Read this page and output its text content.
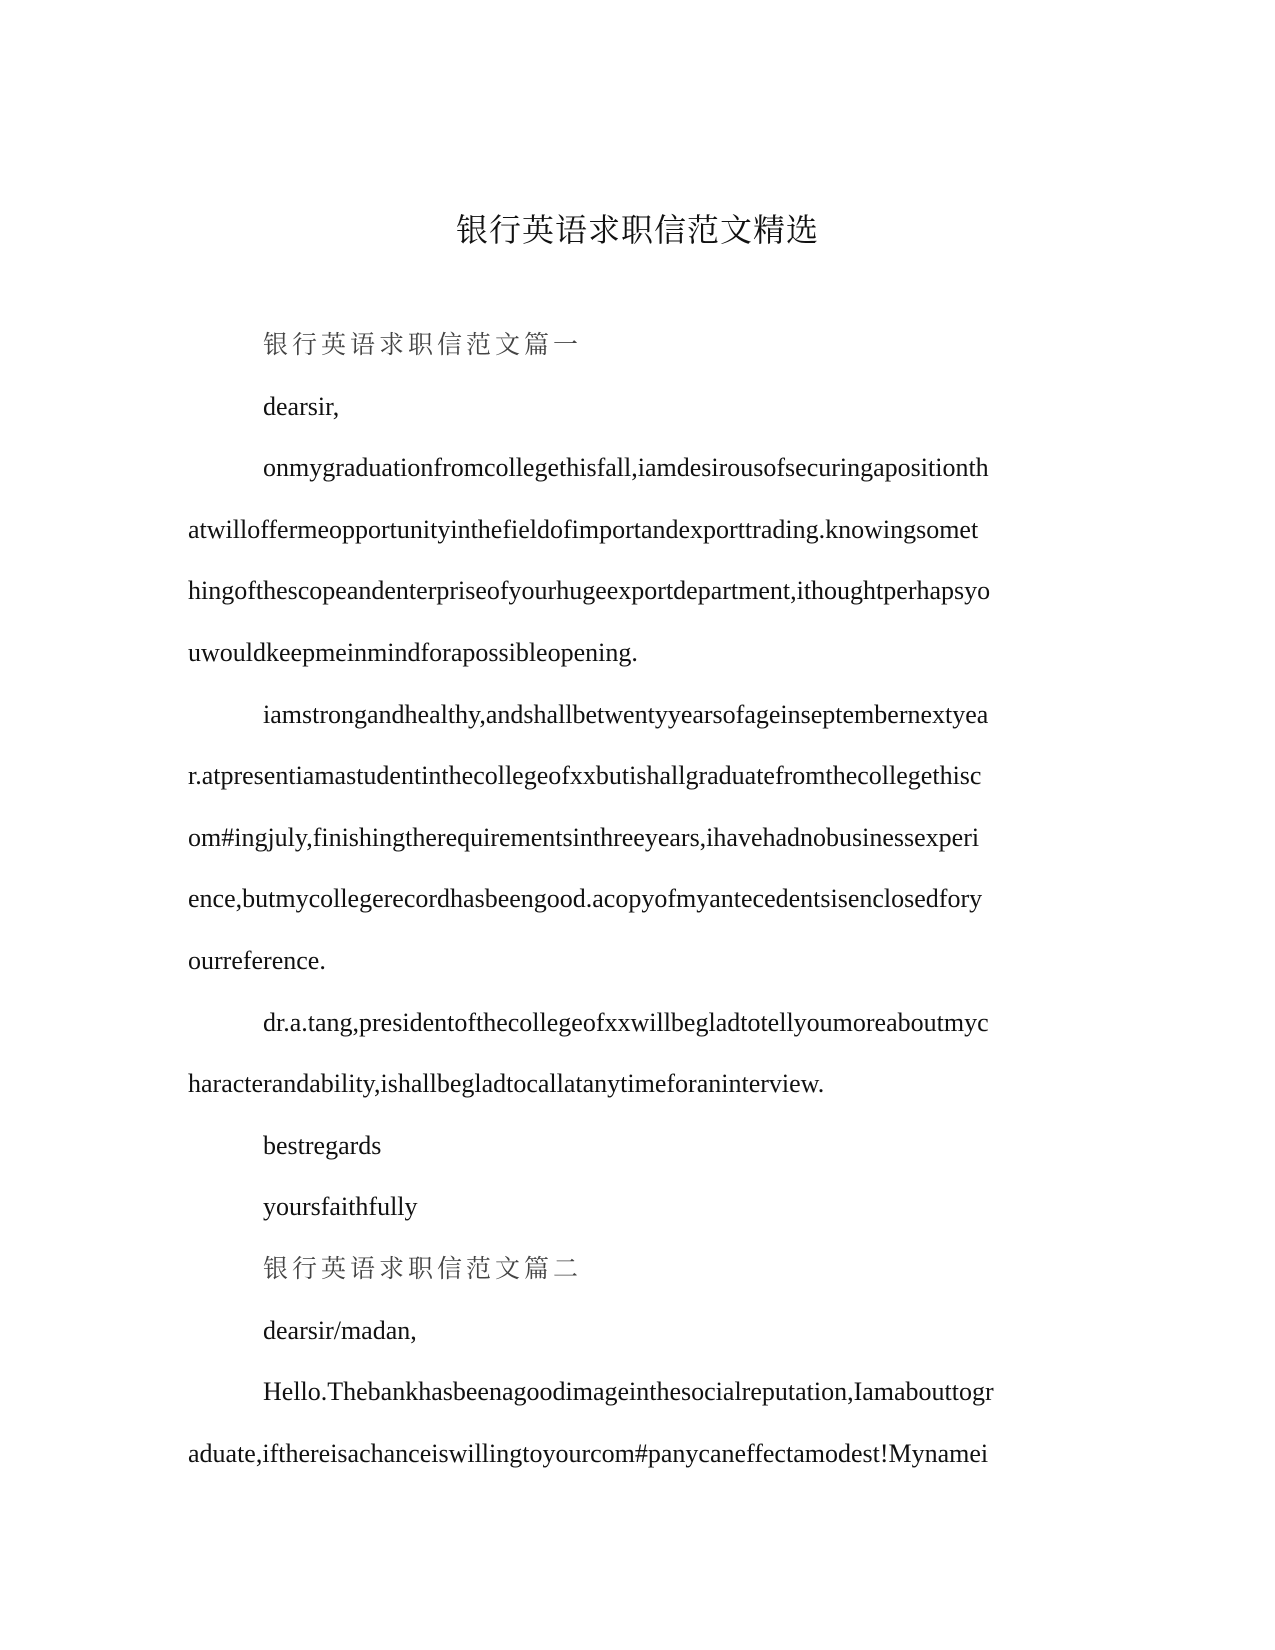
银行英语求职信范文精选
银行英语求职信范文篇一
dearsir,
onmygraduationfromcollegethisfall,iamdesirousofsecuringapositionth
atwillofferme​opportunityinthefieldofimportandexporttrading.knowingsomet
hingofthescopeandenterpriseofyourhugeexportdepartment,ithoughtperhapsyo
uwouldkeepmeinmindforapossibleopening.
iamstrongandhealthy,andshallbetwentyyearsofageinseptembernextyea
r.atpresentiamastudentinthecollegeofxxbutishallgraduatefromthecollegethisc
om#ingjuly,finishingtherequirementsinthreeyears,ihavehadnobusinessexperi
ence,butmycollegerecordhasbeengood.acopyofmyantecedentsisenclosedfory
ourreference.
dr.a.tang,presidentofthecollegeofxxwillbegladtotellyoumoreaboutmyc
haracterandability,ishallbegladtocallatanytimeforaninterview.
bestregards
yoursfaithfully
银行英语求职信范文篇二
dearsir/madan,
Hello.Thebankhasbeenagoodimageinthesocialreputation,Iamabouttogr
aduate,ifthereisachanceiswillingtoyourcom#panycaneffectamodest!Mynamei
